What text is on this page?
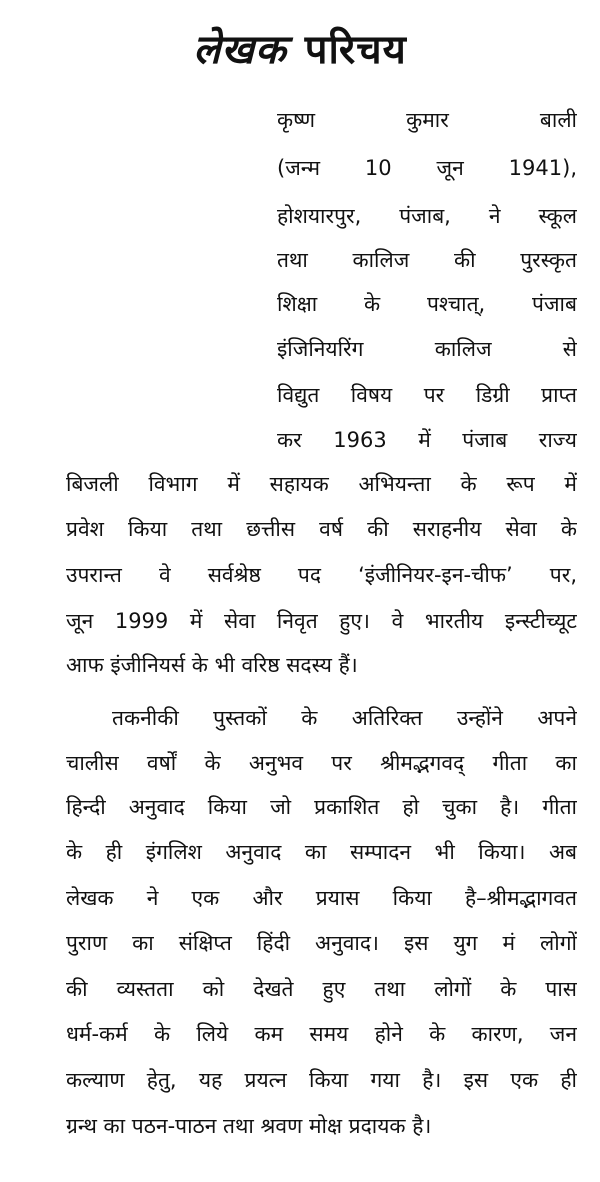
लेखक परिचय
कृष्ण कुमार बाली
(जन्म 10 जून 1941),
होशयारपुर, पंजाब, ने स्कूल
तथा कालिज की पुरस्कृत
शिक्षा के पश्चात्, पंजाब
इंजिनियरिंग कालिज से
विद्युत विषय पर डिग्री प्राप्त
कर 1963 में पंजाब राज्य
बिजली विभाग में सहायक अभियन्ता के रूप में
प्रवेश किया तथा छत्तीस वर्ष की सराहनीय सेवा के
उपरान्त वे सर्वश्रेष्ठ पद ‘इंजीनियर-इन-चीफ’ पर,
जून 1999 में सेवा निवृत हुए। वे भारतीय इन्स्टीच्यूट
आफ इंजीनियर्स के भी वरिष्ठ सदस्य हैं।
तकनीकी पुस्तकों के अतिरिक्त उन्होंने अपने
चालीस वर्षों के अनुभव पर श्रीमद्भगवद् गीता का
हिन्दी अनुवाद किया जो प्रकाशित हो चुका है। गीता
के ही इंगलिश अनुवाद का सम्पादन भी किया। अब
लेखक ने एक और प्रयास किया है–श्रीमद्भागवत
पुराण का संक्षिप्त हिंदी अनुवाद। इस युग मं लोगों
की व्यस्तता को देखते हुए तथा लोगों के पास
धर्म-कर्म के लिये कम समय होने के कारण, जन
कल्याण हेतु, यह प्रयत्न किया गया है। इस एक ही
ग्रन्थ का पठन-पाठन तथा श्रवण मोक्ष प्रदायक है।
